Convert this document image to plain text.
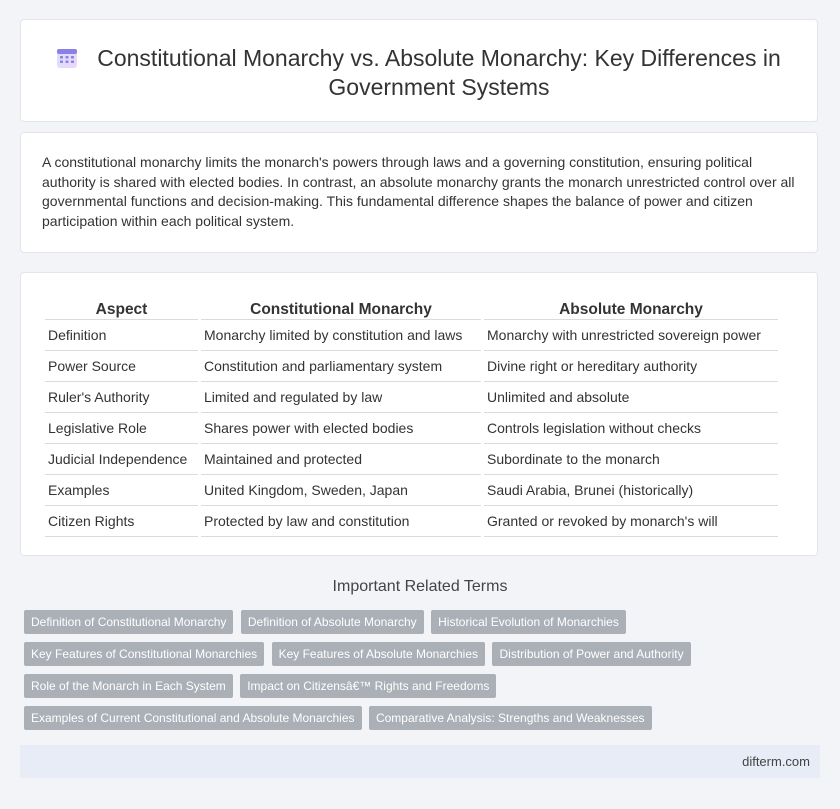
Constitutional Monarchy vs. Absolute Monarchy: Key Differences in Government Systems

A constitutional monarchy limits the monarch's powers through laws and a governing constitution, ensuring political authority is shared with elected bodies. In contrast, an absolute monarchy grants the monarch unrestricted control over all governmental functions and decision-making. This fundamental difference shapes the balance of power and citizen participation within each political system.

Aspect	Constitutional Monarchy	Absolute Monarchy
Definition	Monarchy limited by constitution and laws	Monarchy with unrestricted sovereign power
Power Source	Constitution and parliamentary system	Divine right or hereditary authority
Ruler's Authority	Limited and regulated by law	Unlimited and absolute
Legislative Role	Shares power with elected bodies	Controls legislation without checks
Judicial Independence	Maintained and protected	Subordinate to the monarch
Examples	United Kingdom, Sweden, Japan	Saudi Arabia, Brunei (historically)
Citizen Rights	Protected by law and constitution	Granted or revoked by monarch's will
Important Related Terms
Definition of Constitutional Monarchy Definition of Absolute Monarchy Historical Evolution of Monarchies
Key Features of Constitutional Monarchies Key Features of Absolute Monarchies Distribution of Power and Authority
Role of the Monarch in Each System Impact on Citizensâ€™ Rights and Freedoms
Examples of Current Constitutional and Absolute Monarchies Comparative Analysis: Strengths and Weaknesses
difterm.com
